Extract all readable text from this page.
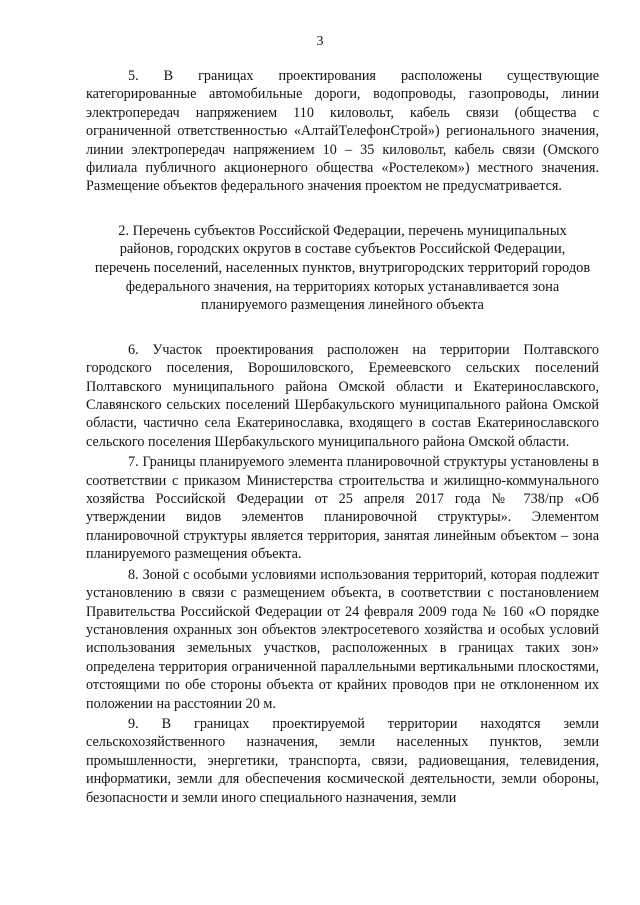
3

5. В границах проектирования расположены существующие категорированные автомобильные дороги, водопроводы, газопроводы, линии электропередач напряжением 110 киловольт, кабель связи (общества с ограниченной ответственностью «АлтайТелефонСтрой») регионального значения, линии электропередач напряжением 10 – 35 киловольт, кабель связи (Омского филиала публичного акционерного общества «Ростелеком») местного значения. Размещение объектов федерального значения проектом не предусматривается.

2. Перечень субъектов Российской Федерации, перечень муниципальных районов, городских округов в составе субъектов Российской Федерации, перечень поселений, населенных пунктов, внутригородских территорий городов федерального значения, на территориях которых устанавливается зона планируемого размещения линейного объекта

6. Участок проектирования расположен на территории Полтавского городского поселения, Ворошиловского, Еремеевского сельских поселений Полтавского муниципального района Омской области и Екатеринославского, Славянского сельских поселений Шербакульского муниципального района Омской области, частично села Екатеринославка, входящего в состав Екатеринославского сельского поселения Шербакульского муниципального района Омской области.

7. Границы планируемого элемента планировочной структуры установлены в соответствии с приказом Министерства строительства и жилищно-коммунального хозяйства Российской Федерации от 25 апреля 2017 года № 738/пр «Об утверждении видов элементов планировочной структуры». Элементом планировочной структуры является территория, занятая линейным объектом – зона планируемого размещения объекта.

8. Зоной с особыми условиями использования территорий, которая подлежит установлению в связи с размещением объекта, в соответствии с постановлением Правительства Российской Федерации от 24 февраля 2009 года № 160 «О порядке установления охранных зон объектов электросетевого хозяйства и особых условий использования земельных участков, расположенных в границах таких зон» определена территория ограниченной параллельными вертикальными плоскостями, отстоящими по обе стороны объекта от крайних проводов при не отклоненном их положении на расстоянии 20 м.

9. В границах проектируемой территории находятся земли сельскохозяйственного назначения, земли населенных пунктов, земли промышленности, энергетики, транспорта, связи, радиовещания, телевидения, информатики, земли для обеспечения космической деятельности, земли обороны, безопасности и земли иного специального назначения, земли
